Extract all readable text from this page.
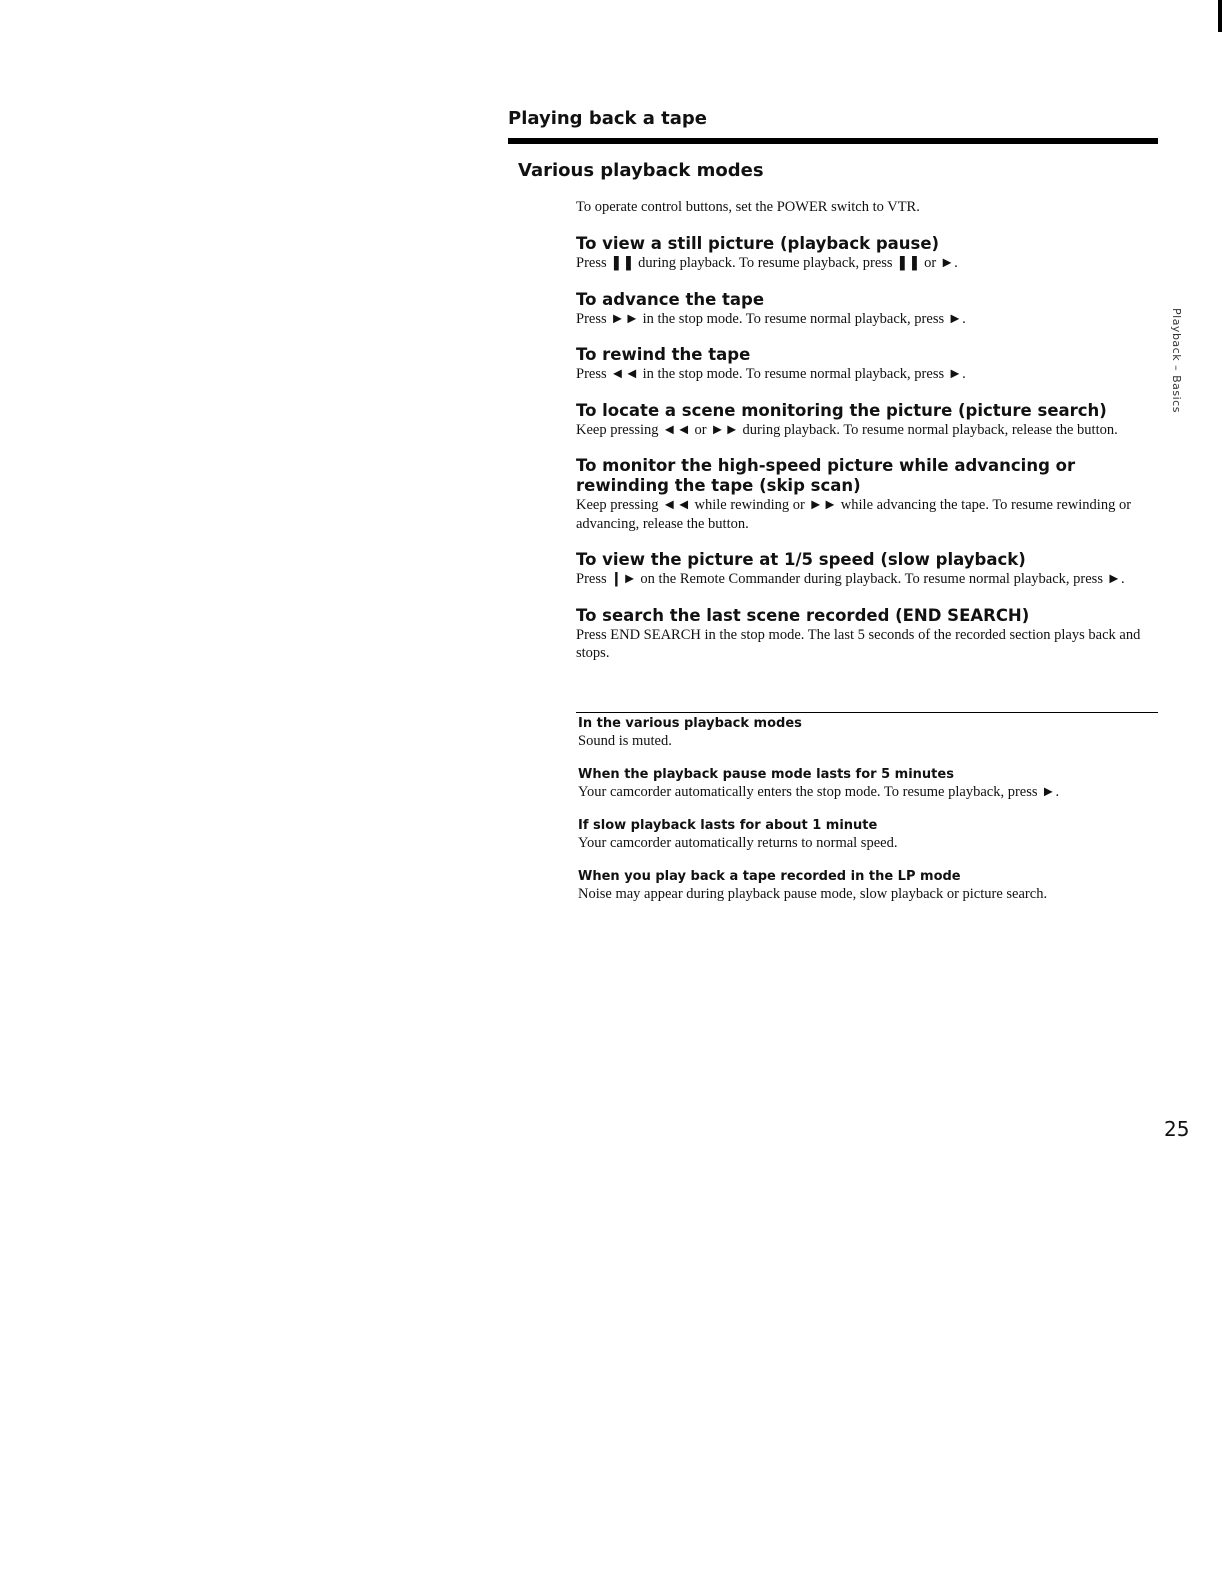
Playing back a tape
Various playback modes

To operate control buttons, set the POWER switch to VTR.

To view a still picture (playback pause)

Press ❚❚ during playback. To resume playback, press ❚❚ or ►.

To advance the tape

Press ►► in the stop mode. To resume normal playback, press ►.

To rewind the tape

Press ◄◄ in the stop mode. To resume normal playback, press ►.

To locate a scene monitoring the picture (picture search)

Keep pressing ◄◄ or ►► during playback. To resume normal playback, release the button.

To monitor the high-speed picture while advancing or rewinding the tape (skip scan)

Keep pressing ◄◄ while rewinding or ►► while advancing the tape. To resume rewinding or advancing, release the button.

To view the picture at 1/5 speed (slow playback)

Press ❙► on the Remote Commander during playback. To resume normal playback, press ►.

To search the last scene recorded (END SEARCH)

Press END SEARCH in the stop mode. The last 5 seconds of the recorded section plays back and stops.

In the various playback modes

Sound is muted.

When the playback pause mode lasts for 5 minutes

Your camcorder automatically enters the stop mode. To resume playback, press ►.

If slow playback lasts for about 1 minute

Your camcorder automatically returns to normal speed.

When you play back a tape recorded in the LP mode

Noise may appear during playback pause mode, slow playback or picture search.

Playback – Basics
25
